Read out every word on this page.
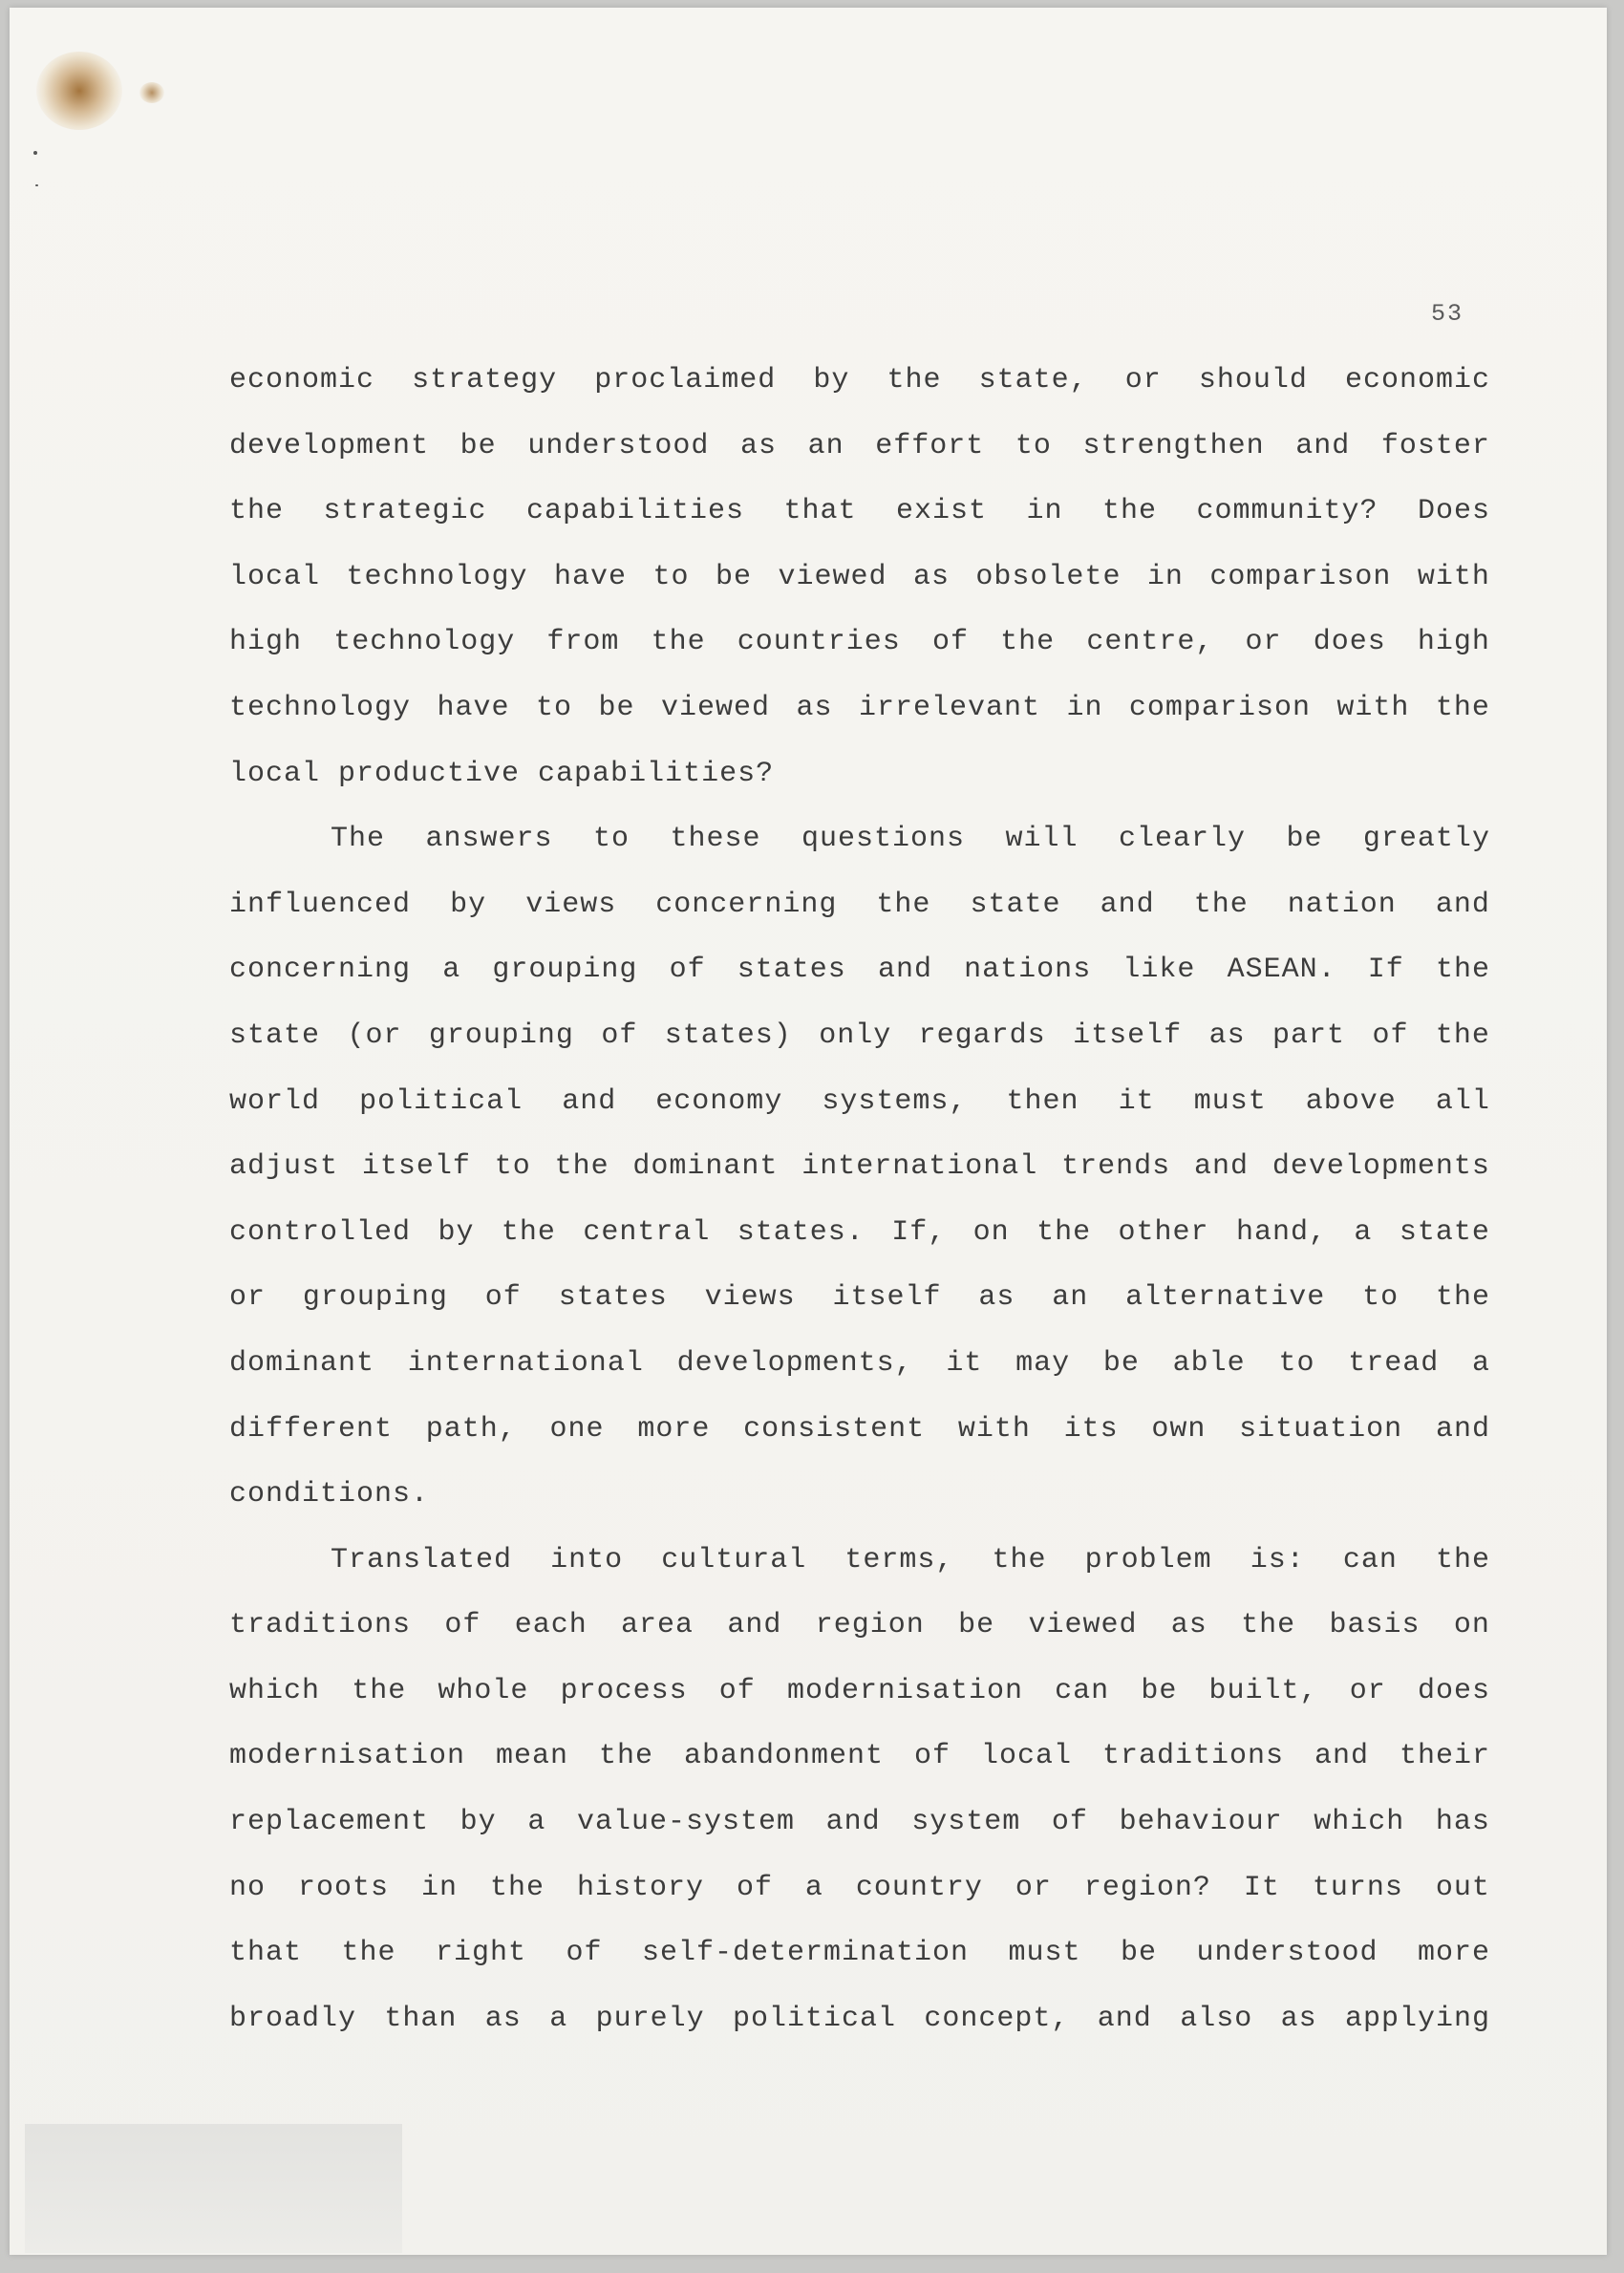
53
economic strategy proclaimed by the state, or should economic
development be understood as an effort to strengthen and foster
the strategic capabilities that exist in the community? Does
local technology have to be viewed as obsolete in comparison with
high technology from the countries of the centre, or does high
technology have to be viewed as irrelevant in comparison with the
local productive capabilities?
The answers to these questions will clearly be greatly
influenced by views concerning the state and the nation and
concerning a grouping of states and nations like ASEAN. If the
state (or grouping of states) only regards itself as part of the
world political and economy systems, then it must above all
adjust itself to the dominant international trends and developments
controlled by the central states. If, on the other hand, a state
or grouping of states views itself as an alternative to the
dominant international developments, it may be able to tread a
different path, one more consistent with its own situation and
conditions.
Translated into cultural terms, the problem is: can the
traditions of each area and region be viewed as the basis on
which the whole process of modernisation can be built, or does
modernisation mean the abandonment of local traditions and their
replacement by a value-system and system of behaviour which has
no roots in the history of a country or region? It turns out
that the right of self-determination must be understood more
broadly than as a purely political concept, and also as applying
